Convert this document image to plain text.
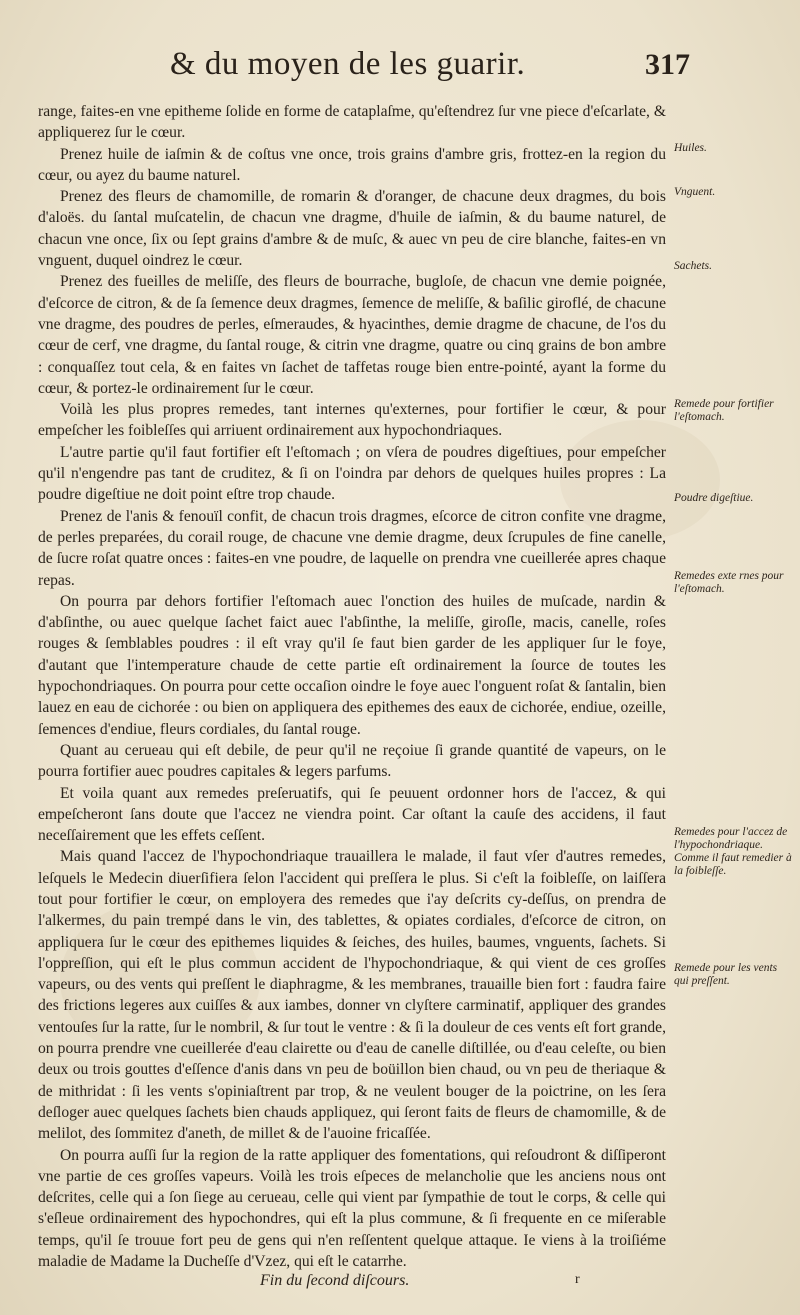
& du moyen de les guarir.	317

range, faites-en vne epitheme ſolide en forme de cataplaſme, qu'eſtendrez ſur vne piece d'eſcarlate, & appliquerez ſur le cœur.

Prenez huile de iaſmin & de coſtus vne once, trois grains d'ambre gris, frottez-en la region du cœur, ou ayez du baume naturel.

Prenez des fleurs de chamomille, de romarin & d'oranger, de chacune deux dragmes, du bois d'aloës. du ſantal muſcatelin, de chacun vne dragme, d'huile de iaſmin, & du baume naturel, de chacun vne once, ſix ou ſept grains d'ambre & de muſc, & auec vn peu de cire blanche, faites-en vn vnguent, duquel oindrez le cœur.

Prenez des fueilles de meliſſe, des fleurs de bourrache, bugloſe, de chacun vne demie poignée, d'eſcorce de citron, & de ſa ſemence deux dragmes, ſemence de meliſſe, & baſilic giroflé, de chacune vne dragme, des poudres de perles, eſmeraudes, & hyacinthes, demie dragme de chacune, de l'os du cœur de cerf, vne dragme, du ſantal rouge, & citrin vne dragme, quatre ou cinq grains de bon ambre : conquaſſez tout cela, & en faites vn ſachet de taffetas rouge bien entre-pointé, ayant la forme du cœur, & portez-le ordinairement ſur le cœur.

Voilà les plus propres remedes, tant internes qu'externes, pour fortifier le cœur, & pour empeſcher les foibleſſes qui arriuent ordinairement aux hypochondriaques.

L'autre partie qu'il faut fortifier eſt l'eſtomach ; on vſera de poudres digeſtiues, pour empeſcher qu'il n'engendre pas tant de cruditez, & ſi on l'oindra par dehors de quelques huiles propres : La poudre digeſtiue ne doit point eſtre trop chaude.

Prenez de l'anis & fenouïl confit, de chacun trois dragmes, eſcorce de citron confite vne dragme, de perles preparées, du corail rouge, de chacune vne demie dragme, deux ſcrupules de fine canelle, de ſucre roſat quatre onces : faites-en vne poudre, de laquelle on prendra vne cueillerée apres chaque repas.

On pourra par dehors fortifier l'eſtomach auec l'onction des huiles de muſcade, nardin & d'abſinthe, ou auec quelque ſachet faict auec l'abſinthe, la meliſſe, giroſle, macis, canelle, roſes rouges & ſemblables poudres : il eſt vray qu'il ſe faut bien garder de les appliquer ſur le foye, d'autant que l'intemperature chaude de cette partie eſt ordinairement la ſource de toutes les hypochondriaques. On pourra pour cette occaſion oindre le foye auec l'onguent roſat & ſantalin, bien lauez en eau de cichorée : ou bien on appliquera des epithemes des eaux de cichorée, endiue, ozeille, ſemences d'endiue, fleurs cordiales, du ſantal rouge.

Quant au cerueau qui eſt debile, de peur qu'il ne reçoiue ſi grande quantité de vapeurs, on le pourra fortifier auec poudres capitales & legers parfums.

Et voila quant aux remedes preſeruatifs, qui ſe peuuent ordonner hors de l'accez, & qui empeſcheront ſans doute que l'accez ne viendra point. Car oſtant la cauſe des accidens, il faut neceſſairement que les effets ceſſent.

Mais quand l'accez de l'hypochondriaque trauaillera le malade, il faut vſer d'autres remedes, leſquels le Medecin diuerſifiera ſelon l'accident qui preſſera le plus. Si c'eſt la foibleſſe, on laiſſera tout pour fortifier le cœur, on employera des remedes que i'ay deſcrits cy-deſſus, on prendra de l'alkermes, du pain trempé dans le vin, des tablettes, & opiates cordiales, d'eſcorce de citron, on appliquera ſur le cœur des epithemes liquides & ſeiches, des huiles, baumes, vnguents, ſachets. Si l'oppreſſion, qui eſt le plus commun accident de l'hypochondriaque, & qui vient de ces groſſes vapeurs, ou des vents qui preſſent le diaphragme, & les membranes, trauaille bien fort : faudra faire des frictions legeres aux cuiſſes & aux iambes, donner vn clyſtere carminatif, appliquer des grandes ventouſes ſur la ratte, ſur le nombril, & ſur tout le ventre : & ſi la douleur de ces vents eſt fort grande, on pourra prendre vne cueillerée d'eau clairette ou d'eau de canelle diſtillée, ou d'eau celeſte, ou bien deux ou trois gouttes d'eſſence d'anis dans vn peu de boüillon bien chaud, ou vn peu de theriaque & de mithridat : ſi les vents s'opiniaſtrent par trop, & ne veulent bouger de la poictrine, on les ſera deſloger auec quelques ſachets bien chauds appliquez, qui ſeront faits de fleurs de chamomille, & de melilot, des ſommitez d'aneth, de millet & de l'auoine fricaſſée.

On pourra auſſi ſur la region de la ratte appliquer des fomentations, qui reſoudront & diſſiperont vne partie de ces groſſes vapeurs. Voilà les trois eſpeces de melancholie que les anciens nous ont deſcrites, celle qui a ſon ſiege au cerueau, celle qui vient par ſympathie de tout le corps, & celle qui s'eſleue ordinairement des hypochondres, qui eſt la plus commune, & ſi frequente en ce miſerable temps, qu'il ſe trouue fort peu de gens qui n'en reſſentent quelque attaque. Ie viens à la troiſiéme maladie de Madame la Ducheſſe d'Vzez, qui eſt le catarrhe.

Huiles.
Vnguent.
Sachets.
Remede pour fortifier l'eſtomach.
Poudre digeſtiue.
Remedes exte rnes pour l'eſtomach.
Remedes pour l'accez de l'hypochondriaque. Comme il faut remedier à la foibleſſe.
Remede pour les vents qui preſſent.
Fin du ſecond diſcours.	r
